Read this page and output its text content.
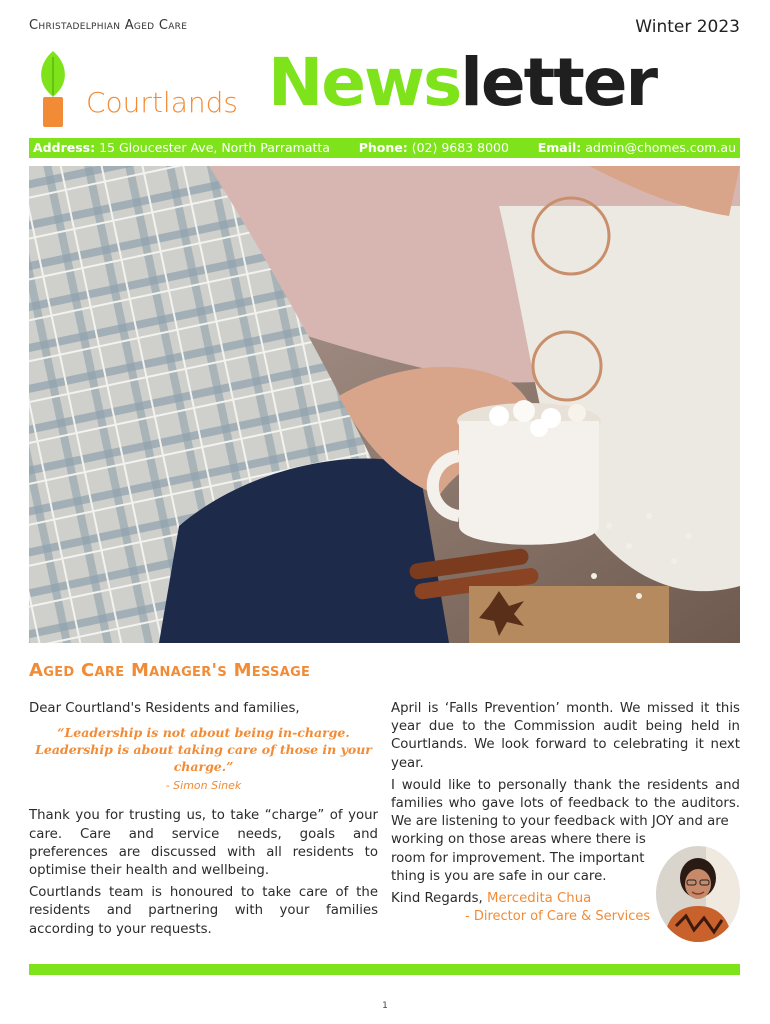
Christadelphian Aged Care	Winter 2023
Courtlands Newsletter
Address: 15 Gloucester Ave, North Parramatta Phone: (02) 9683 8000 Email: admin@chomes.com.au
Aged Care Manager's Message

Dear Courtland's Residents and families,

“Leadership is not about being in-charge.
Leadership is about taking care of those in your charge.”
- Simon Sinek

Thank you for trusting us, to take “charge” of your care. Care and service needs, goals and preferences are discussed with all residents to optimise their health and wellbeing.

Courtlands team is honoured to take care of the residents and partnering with your families according to your requests.

April is ‘Falls Prevention’ month. We missed it this year due to the Commission audit being held in Courtlands. We look forward to celebrating it next year.

I would like to personally thank the residents and families who gave lots of feedback to the auditors. We are listening to your feedback with JOY and are

working on those areas where there is room for improvement. The important thing is you are safe in our care.

Kind Regards, Mercedita Chua
- Director of Care & Services
1
